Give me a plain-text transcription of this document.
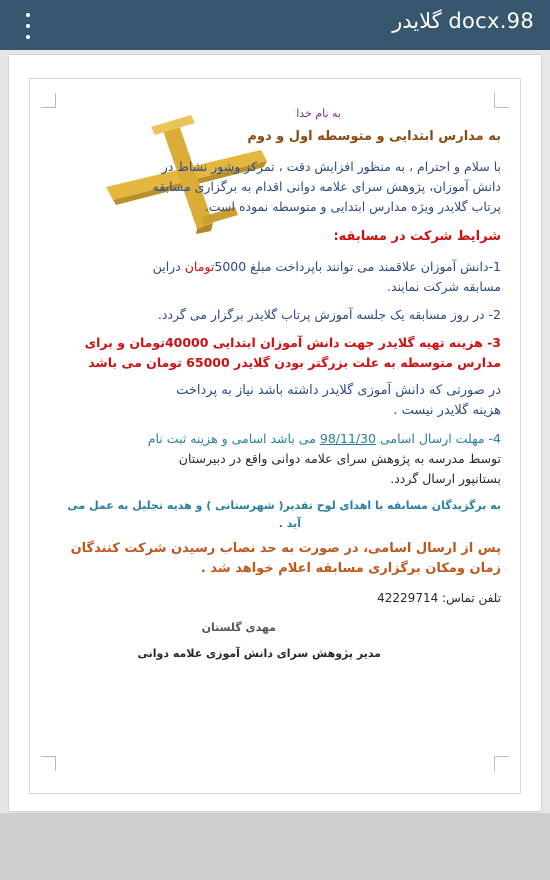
گلایدر docx.98
به نام خدا
به مدارس ابتدایی و متوسطه اول و دوم
با سلام و احترام ، به منظور افزایش دقت ، تمرکز وشور نشاط در
دانش آموزان، پژوهش سرای علامه دوانی اقدام به برگزاری مسابقه
پرتاب گلایدر ویژه مدارس ابتدایی و متوسطه نموده است.
شرایط شرکت در مسابقه:
1-دانش آموزان علاقمند می توانند باپرداخت مبلغ 5000تومان دراین
مسابقه شرکت نمایند.
2- در روز مسابقه یک جلسه آموزش پرتاب گلایدر برگزار می گردد.
3- هزینه تهیه گلایدر جهت دانش آموزان ابتدایی 40000تومان و برای
مدارس متوسطه به علت بزرگتر بودن گلایدر 65000 تومان می باشد
در صورتی که دانش آموزی گلایدر داشته باشد نیاز به پرداخت
هزینه گلایدر نیست .
4- مهلت ارسال اسامی 98/11/30 می باشد اسامی و هزینه ثبت نام
توسط مدرسه به پژوهش سرای علامه دوانی واقع در دبیرستان
بستانپور ارسال گردد.
به برگزیدگان مسابقه با اهدای لوح تقدیر( شهرستانی ) و هدیه تجلیل به عمل می
آید .
پس از ارسال اسامی، در صورت به حد نصاب رسیدن شرکت کنندگان
زمان ومکان برگزاری مسابقه اعلام خواهد شد .
تلفن تماس: 42229714
مهدی گلستان
مدیر پژوهش سرای دانش آموزی علامه دوانی
